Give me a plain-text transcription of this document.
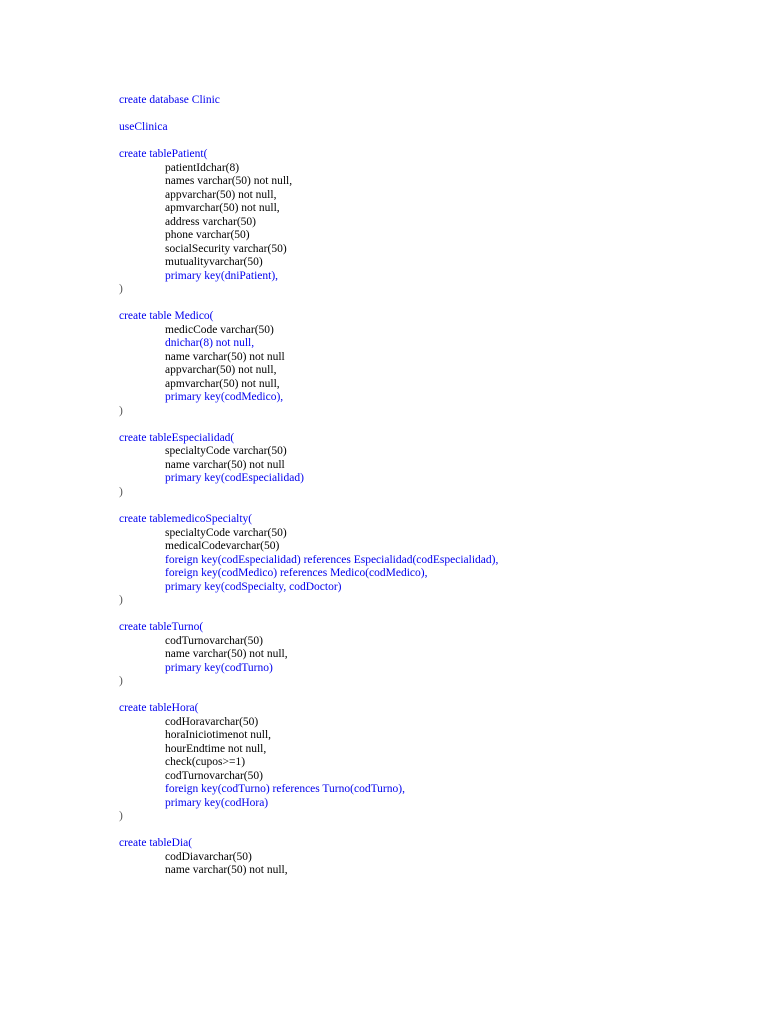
create database Clinic
useClinica
create tablePatient(
patientIdchar(8)
names varchar(50) not null,
appvarchar(50) not null,
apmvarchar(50) not null,
address varchar(50)
phone varchar(50)
socialSecurity varchar(50)
mutualityvarchar(50)
primary key(dniPatient),
)
create table Medico(
medicCode varchar(50)
dnichar(8) not null,
name varchar(50) not null
appvarchar(50) not null,
apmvarchar(50) not null,
primary key(codMedico),
)
create tableEspecialidad(
specialtyCode varchar(50)
name varchar(50) not null
primary key(codEspecialidad)
)
create tablemedicoSpecialty(
specialtyCode varchar(50)
medicalCodevarchar(50)
foreign key(codEspecialidad) references Especialidad(codEspecialidad),
foreign key(codMedico) references Medico(codMedico),
primary key(codSpecialty, codDoctor)
)
create tableTurno(
codTurnovarchar(50)
name varchar(50) not null,
primary key(codTurno)
)
create tableHora(
codHoravarchar(50)
horaIniciotimenot null,
hourEndtime not null,
check(cupos>=1)
codTurnovarchar(50)
foreign key(codTurno) references Turno(codTurno),
primary key(codHora)
)
create tableDia(
codDiavarchar(50)
name varchar(50) not null,
